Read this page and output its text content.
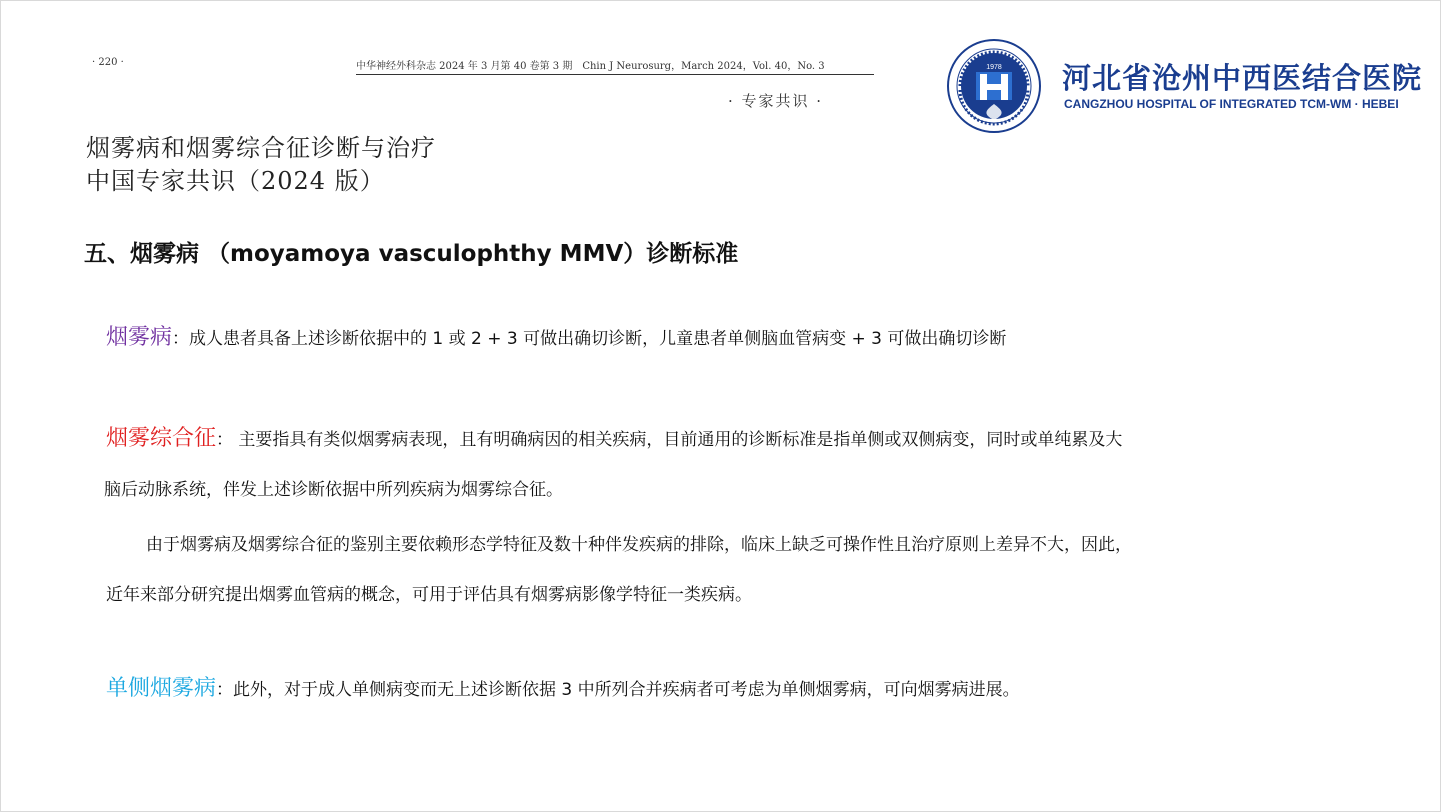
· 220 ·	中华神经外科杂志 2024 年 3 月第 40 卷第 3 期　Chin J Neurosurg，March 2024，Vol. 40，No. 3
· 专家共识 ·
烟雾病和烟雾综合征诊断与治疗
中国专家共识（2024 版）
1978 河北省沧州中西医结合医院
CANGZHOU HOSPITAL OF INTEGRATED TCM-WM · HEBEI
五、烟雾病 （moyamoya vasculophthy MMV）诊断标准
烟雾病：成人患者具备上述诊断依据中的 1 或 2 + 3 可做出确切诊断，儿童患者单侧脑血管病变 + 3 可做出确切诊断
烟雾综合征： 主要指具有类似烟雾病表现，且有明确病因的相关疾病，目前通用的诊断标准是指单侧或双侧病变，同时或单纯累及大
脑后动脉系统，伴发上述诊断依据中所列疾病为烟雾综合征。
由于烟雾病及烟雾综合征的鉴别主要依赖形态学特征及数十种伴发疾病的排除，临床上缺乏可操作性且治疗原则上差异不大，因此，
近年来部分研究提出烟雾血管病的概念，可用于评估具有烟雾病影像学特征一类疾病。
单侧烟雾病：此外，对于成人单侧病变而无上述诊断依据 3 中所列合并疾病者可考虑为单侧烟雾病，可向烟雾病进展。
